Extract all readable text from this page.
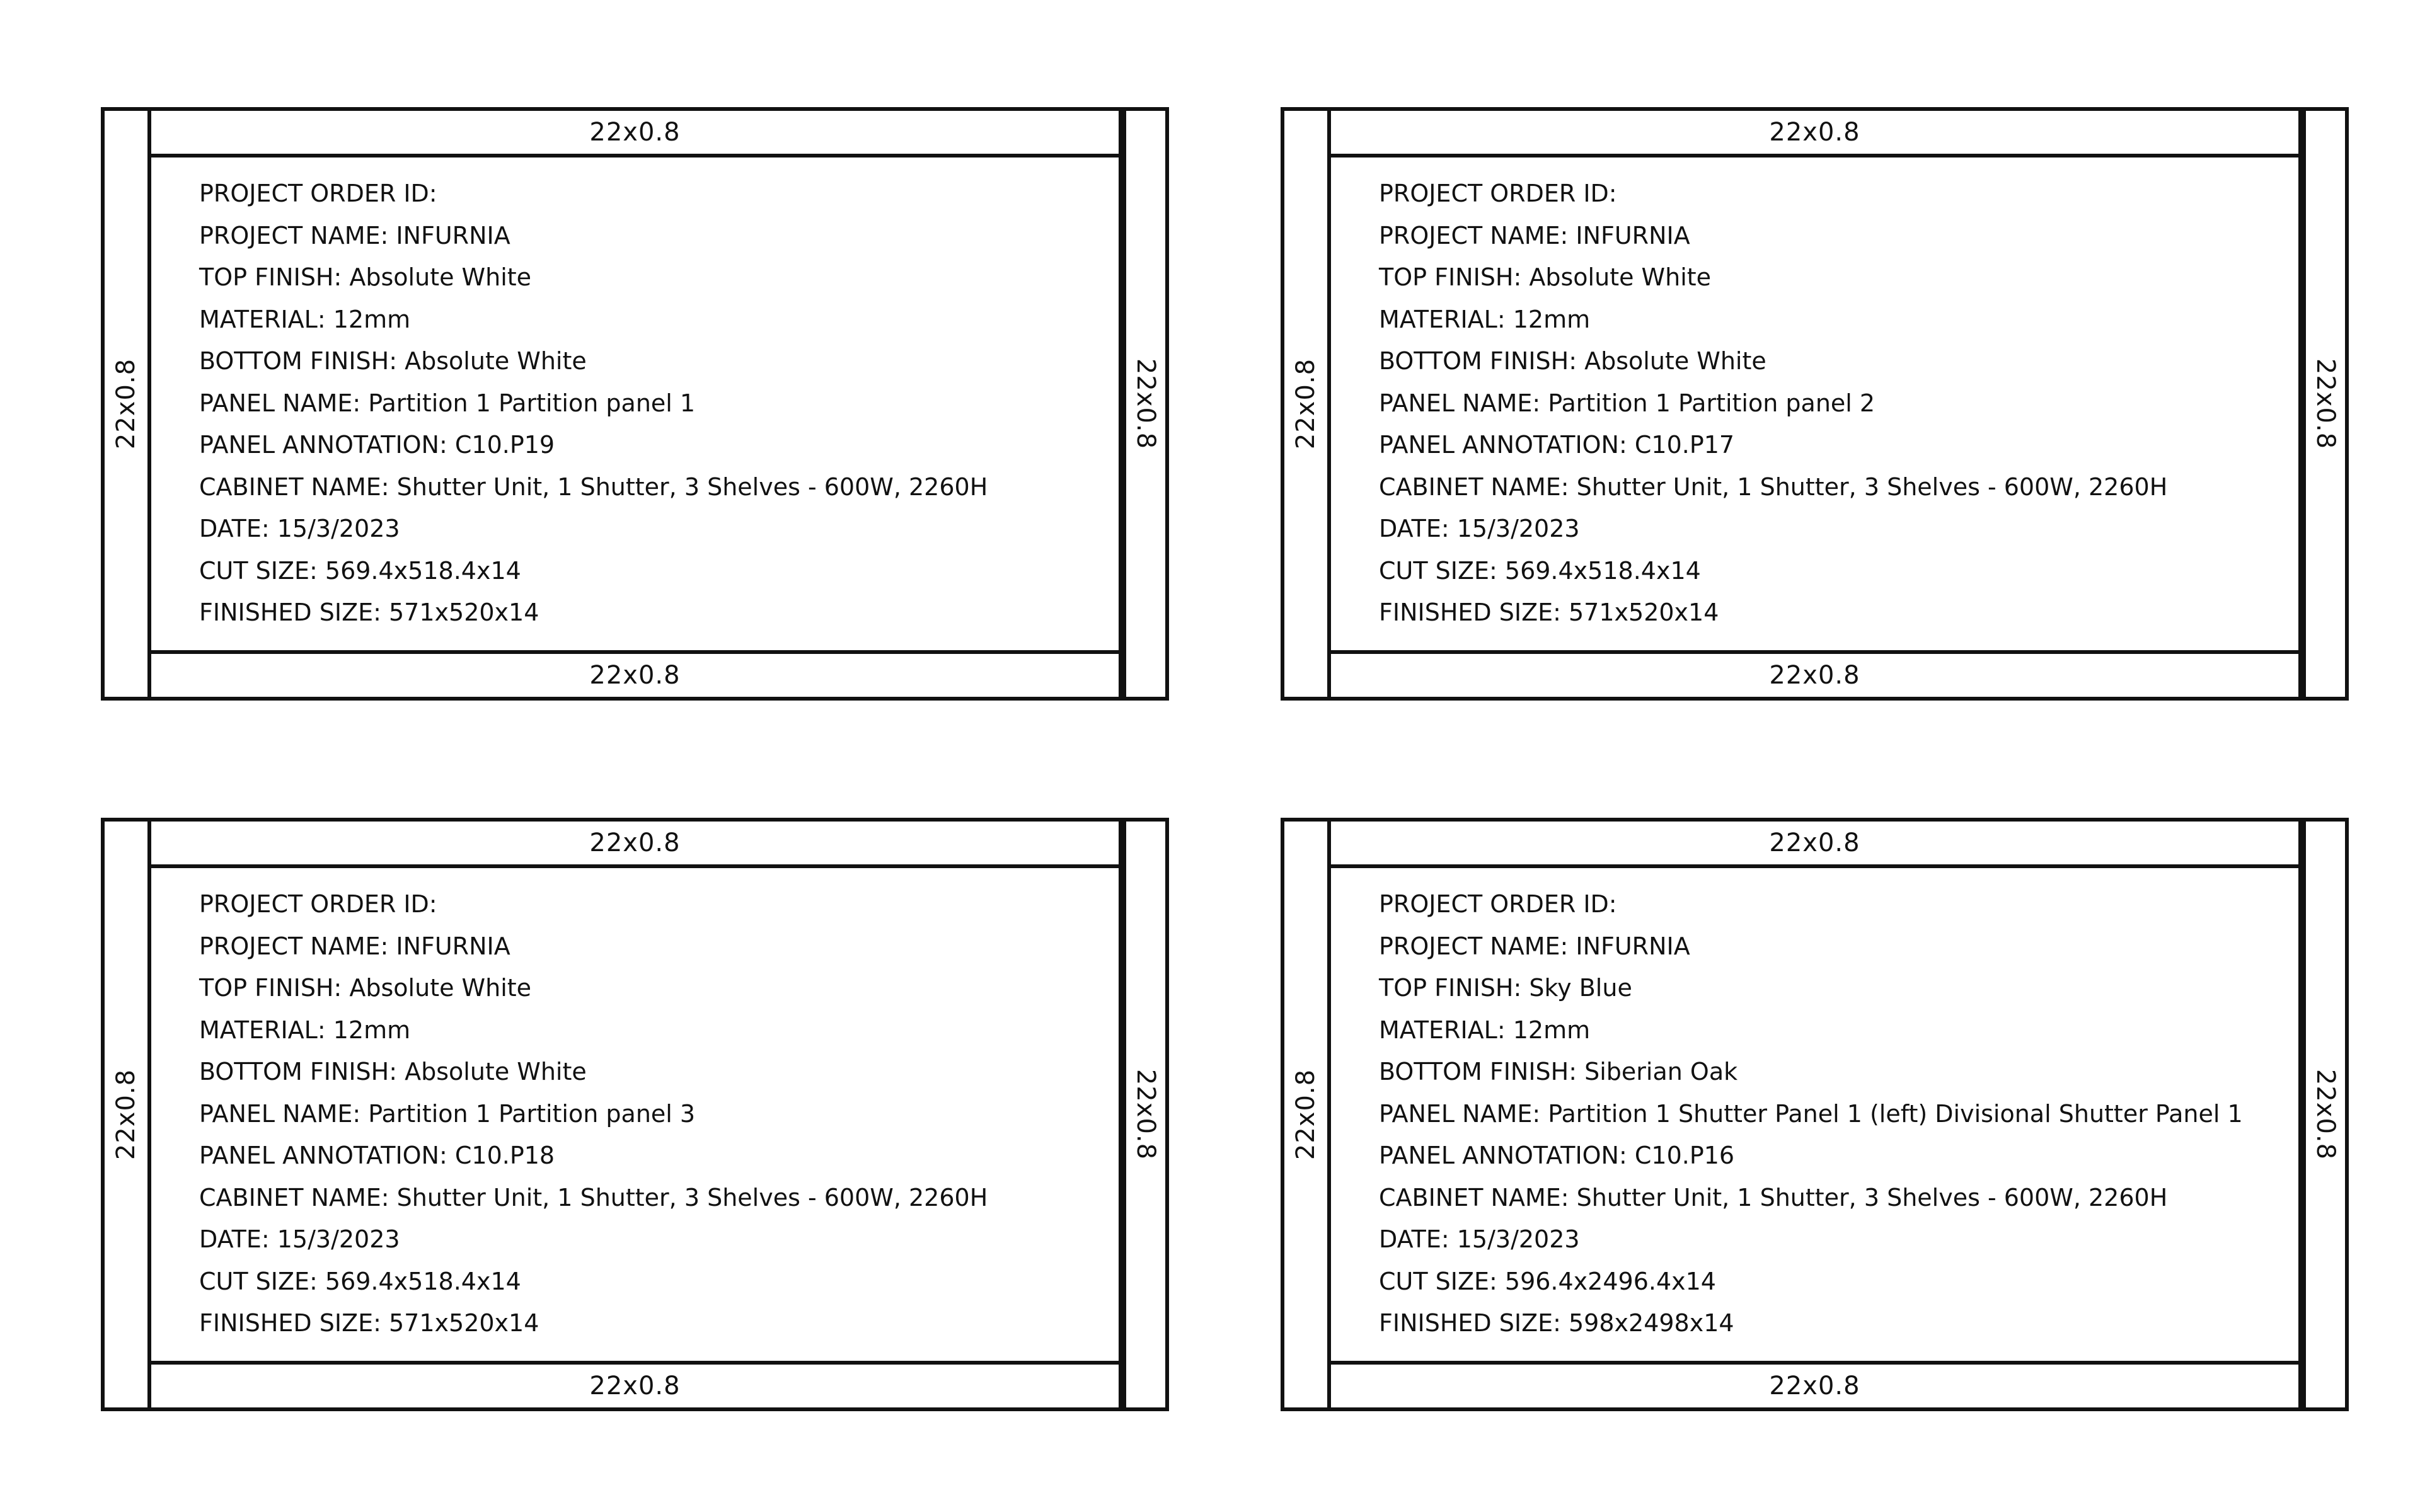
22x0.8	22x0.8
22x0.8
22x0.8
PROJECT ORDER ID:
PROJECT NAME: INFURNIA
TOP FINISH: Absolute White
MATERIAL: 12mm
BOTTOM FINISH: Absolute White
PANEL NAME: Partition 1 Partition panel 1
PANEL ANNOTATION: C10.P19
CABINET NAME: Shutter Unit, 1 Shutter, 3 Shelves - 600W, 2260H
DATE: 15/3/2023
CUT SIZE: 569.4x518.4x14
FINISHED SIZE: 571x520x14
22x0.8	22x0.8
22x0.8
22x0.8
PROJECT ORDER ID:
PROJECT NAME: INFURNIA
TOP FINISH: Absolute White
MATERIAL: 12mm
BOTTOM FINISH: Absolute White
PANEL NAME: Partition 1 Partition panel 2
PANEL ANNOTATION: C10.P17
CABINET NAME: Shutter Unit, 1 Shutter, 3 Shelves - 600W, 2260H
DATE: 15/3/2023
CUT SIZE: 569.4x518.4x14
FINISHED SIZE: 571x520x14
22x0.8	22x0.8
22x0.8
22x0.8
PROJECT ORDER ID:
PROJECT NAME: INFURNIA
TOP FINISH: Absolute White
MATERIAL: 12mm
BOTTOM FINISH: Absolute White
PANEL NAME: Partition 1 Partition panel 3
PANEL ANNOTATION: C10.P18
CABINET NAME: Shutter Unit, 1 Shutter, 3 Shelves - 600W, 2260H
DATE: 15/3/2023
CUT SIZE: 569.4x518.4x14
FINISHED SIZE: 571x520x14
22x0.8	22x0.8
22x0.8
22x0.8
PROJECT ORDER ID:
PROJECT NAME: INFURNIA
TOP FINISH: Sky Blue
MATERIAL: 12mm
BOTTOM FINISH: Siberian Oak
PANEL NAME: Partition 1 Shutter Panel 1 (left) Divisional Shutter Panel 1
PANEL ANNOTATION: C10.P16
CABINET NAME: Shutter Unit, 1 Shutter, 3 Shelves - 600W, 2260H
DATE: 15/3/2023
CUT SIZE: 596.4x2496.4x14
FINISHED SIZE: 598x2498x14
